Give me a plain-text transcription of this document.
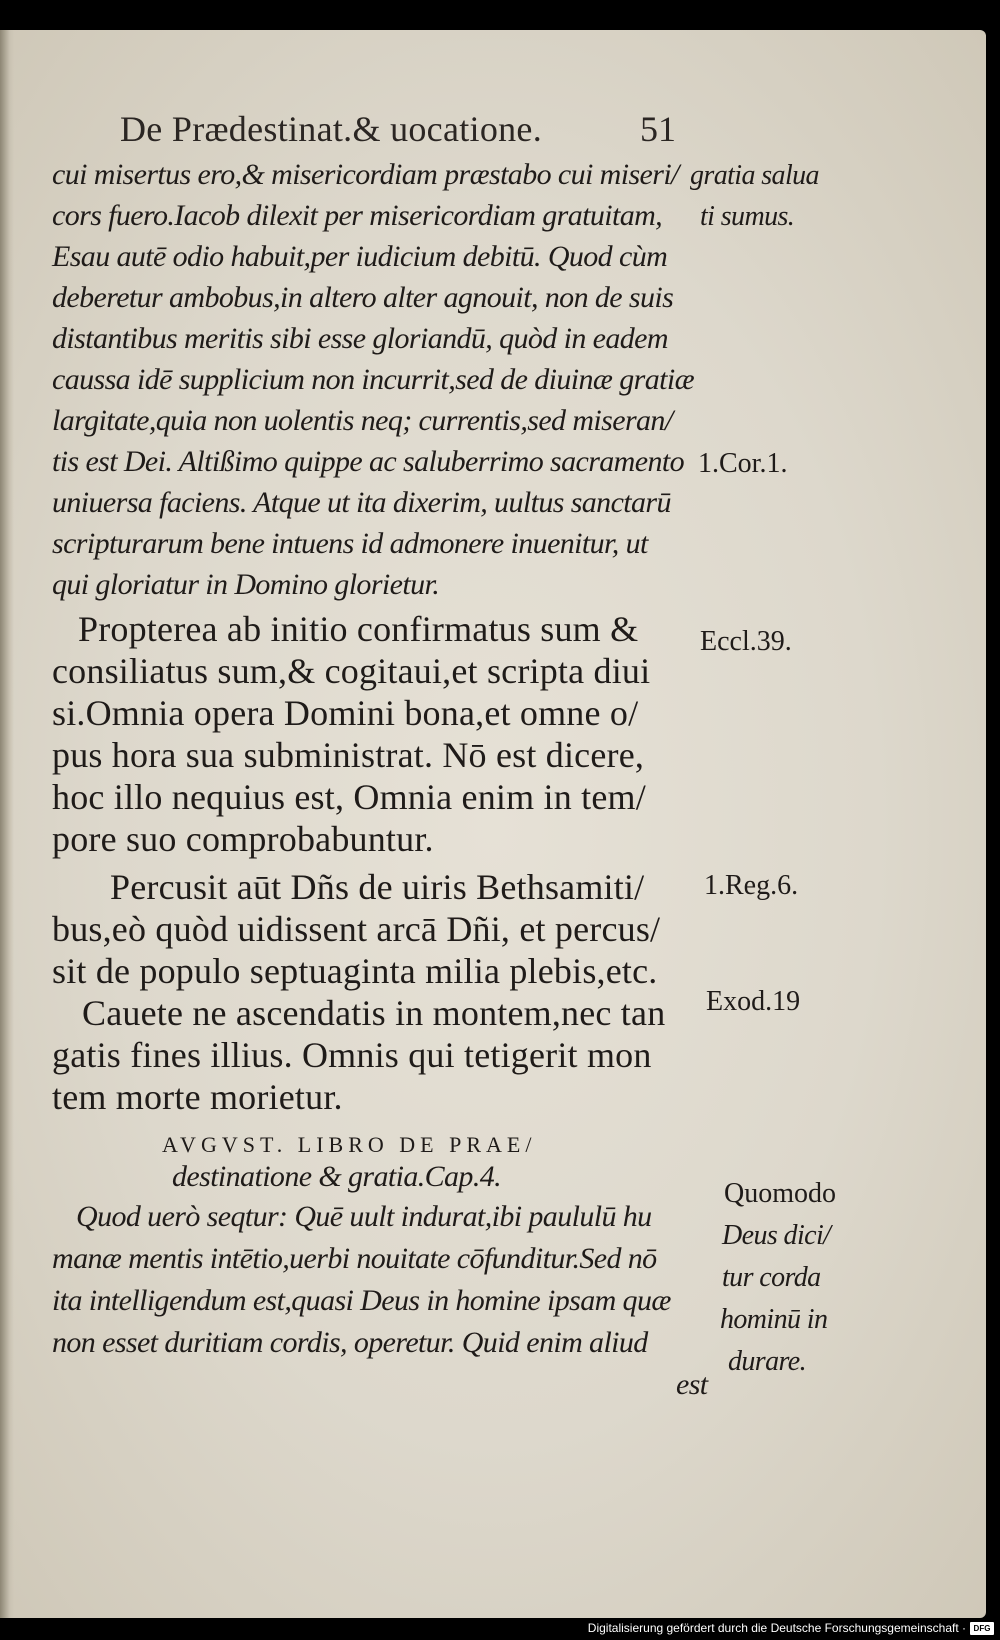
De Prædestinat.& uocatione.	51
cui misertus ero,& misericordiam præstabo cui miseri/
cors fuero.Iacob dilexit per misericordiam gratuitam,
Esau autē odio habuit,per iudicium debitū. Quod cùm
deberetur ambobus,in altero alter agnouit, non de suis
distantibus meritis sibi esse gloriandū, quòd in eadem
caussa idē supplicium non incurrit,sed de diuinæ gratiæ
largitate,quia non uolentis neq; currentis,sed miseran/
tis est Dei. Altißimo quippe ac saluberrimo sacramento
uniuersa faciens. Atque ut ita dixerim, uultus sanctarū
scripturarum bene intuens id admonere inuenitur, ut
qui gloriatur in Domino glorietur.
Propterea ab initio confirmatus sum &
consiliatus sum,& cogitaui,et scripta diui
si.Omnia opera Domini bona,et omne o/
pus hora sua subministrat. Nō est dicere,
hoc illo nequius est, Omnia enim in tem/
pore suo comprobabuntur.
Percusit aūt Dñs de uiris Bethsamiti/
bus,eò quòd uidissent arcā Dñi, et percus/
sit de populo septuaginta milia plebis,etc.
Cauete ne ascendatis in montem,nec tan
gatis fines illius. Omnis qui tetigerit mon
tem morte morietur.
AVGVST. LIBRO DE PRAE/
destinatione & gratia.Cap.4.
Quod uerò seqtur: Quē uult indurat,ibi paululū hu
manæ mentis intētio,uerbi nouitate cōfunditur.Sed nō
ita intelligendum est,quasi Deus in homine ipsam quæ
non esset duritiam cordis, operetur. Quid enim aliud
est
gratia salua
ti sumus.
1.Cor.1.
Eccl.39.
1.Reg.6.
Exod.19
Quomodo
Deus dici/
tur corda
hominū in
durare.
Digitalisierung gefördert durch die Deutsche Forschungsgemeinschaft · DFG
